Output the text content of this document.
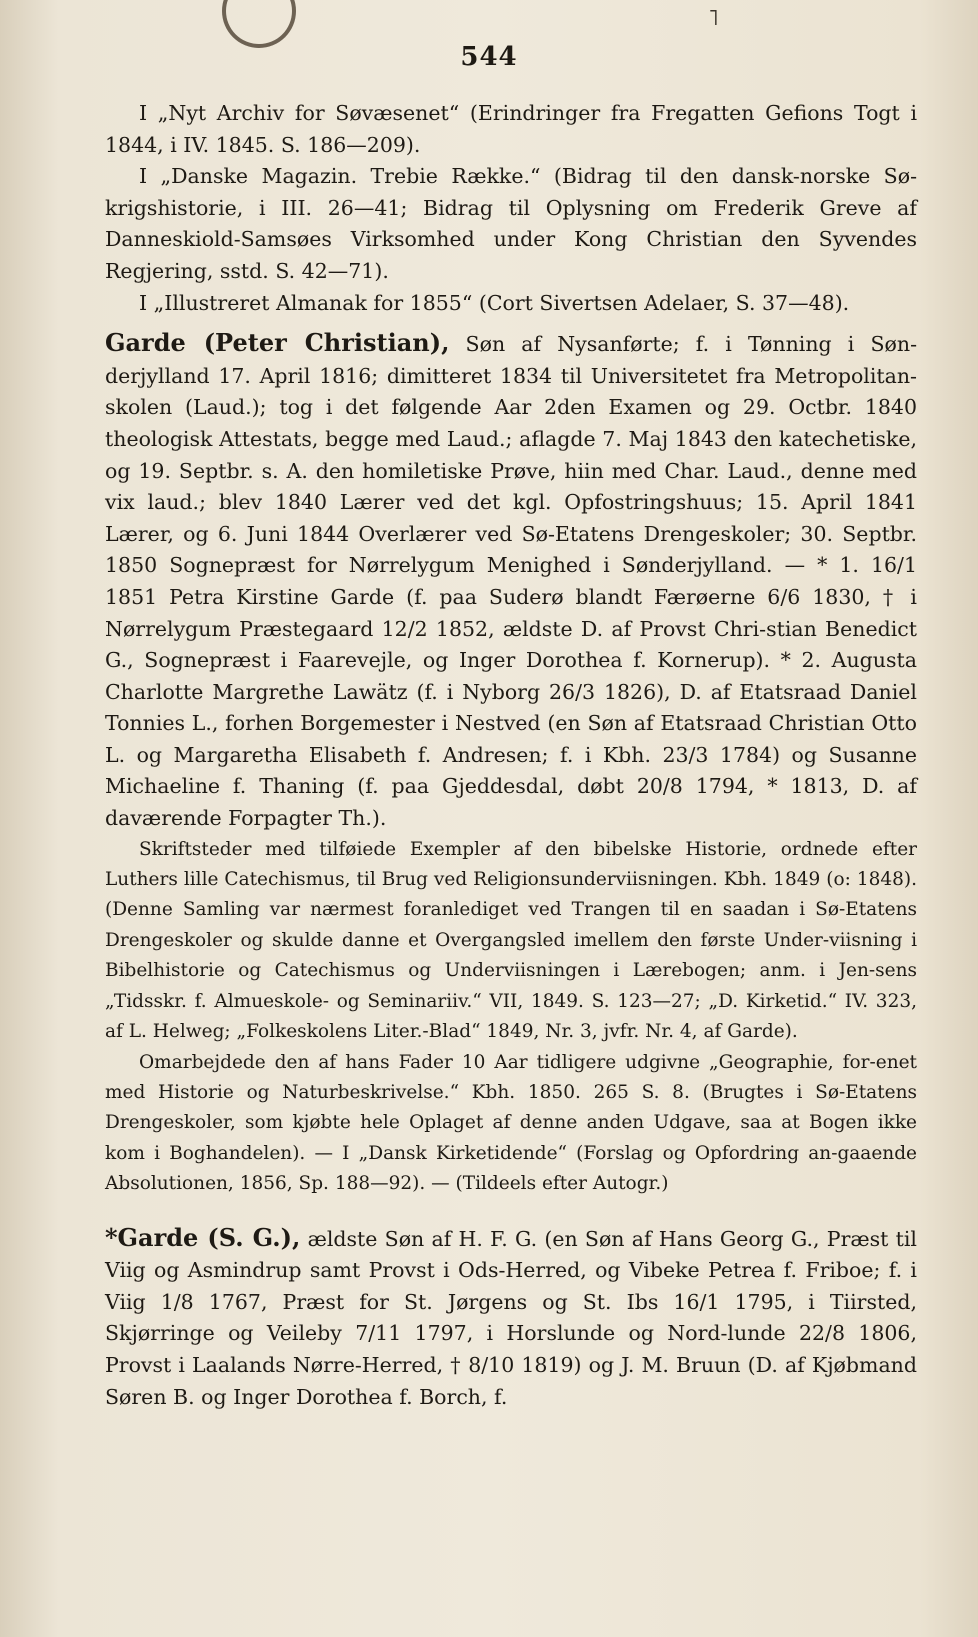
˥
544

I „Nyt Archiv for Søvæsenet“ (Erindringer fra Fregatten Gefions Togt i 1844, i IV. 1845. S. 186—209).

I „Danske Magazin. Trebie Række.“ (Bidrag til den dansk-norske Sø-krigshistorie, i III. 26—41; Bidrag til Oplysning om Frederik Greve af Danneskiold-Samsøes Virksomhed under Kong Christian den Syvendes Regjering, sstd. S. 42—71).

I „Illustreret Almanak for 1855“ (Cort Sivertsen Adelaer, S. 37—48).

Garde (Peter Christian), Søn af Nysanførte; f. i Tønning i Søn-derjylland 17. April 1816; dimitteret 1834 til Universitetet fra Metropolitan-skolen (Laud.); tog i det følgende Aar 2den Examen og 29. Octbr. 1840 theologisk Attestats, begge med Laud.; aflagde 7. Maj 1843 den katechetiske, og 19. Septbr. s. A. den homiletiske Prøve, hiin med Char. Laud., denne med vix laud.; blev 1840 Lærer ved det kgl. Opfostringshuus; 15. April 1841 Lærer, og 6. Juni 1844 Overlærer ved Sø-Etatens Drengeskoler; 30. Septbr. 1850 Sognepræst for Nørrelygum Menighed i Sønderjylland. — * 1. 16/1 1851 Petra Kirstine Garde (f. paa Suderø blandt Færøerne 6/6 1830, † i Nørrelygum Præstegaard 12/2 1852, ældste D. af Provst Chri-stian Benedict G., Sognepræst i Faarevejle, og Inger Dorothea f. Kornerup). * 2. Augusta Charlotte Margrethe Lawätz (f. i Nyborg 26/3 1826), D. af Etatsraad Daniel Tonnies L., forhen Borgemester i Nestved (en Søn af Etatsraad Christian Otto L. og Margaretha Elisabeth f. Andresen; f. i Kbh. 23/3 1784) og Susanne Michaeline f. Thaning (f. paa Gjeddesdal, døbt 20/8 1794, * 1813, D. af daværende Forpagter Th.).

Skriftsteder med tilføiede Exempler af den bibelske Historie, ordnede efter Luthers lille Catechismus, til Brug ved Religionsunderviisningen. Kbh. 1849 (o: 1848). (Denne Samling var nærmest foranlediget ved Trangen til en saadan i Sø-Etatens Drengeskoler og skulde danne et Overgangsled imellem den første Under-viisning i Bibelhistorie og Catechismus og Underviisningen i Lærebogen; anm. i Jen-sens „Tidsskr. f. Almueskole- og Seminariiv.“ VII, 1849. S. 123—27; „D. Kirketid.“ IV. 323, af L. Helweg; „Folkeskolens Liter.-Blad“ 1849, Nr. 3, jvfr. Nr. 4, af Garde).

Omarbejdede den af hans Fader 10 Aar tidligere udgivne „Geographie, for-enet med Historie og Naturbeskrivelse.“ Kbh. 1850. 265 S. 8. (Brugtes i Sø-Etatens Drengeskoler, som kjøbte hele Oplaget af denne anden Udgave, saa at Bogen ikke kom i Boghandelen). — I „Dansk Kirketidende“ (Forslag og Opfordring an-gaaende Absolutionen, 1856, Sp. 188—92). — (Tildeels efter Autogr.)

*Garde (S. G.), ældste Søn af H. F. G. (en Søn af Hans Georg G., Præst til Viig og Asmindrup samt Provst i Ods-Herred, og Vibeke Petrea f. Friboe; f. i Viig 1/8 1767, Præst for St. Jørgens og St. Ibs 16/1 1795, i Tiirsted, Skjørringe og Veileby 7/11 1797, i Horslunde og Nord-lunde 22/8 1806, Provst i Laalands Nørre-Herred, † 8/10 1819) og J. M. Bruun (D. af Kjøbmand Søren B. og Inger Dorothea f. Borch, f.
